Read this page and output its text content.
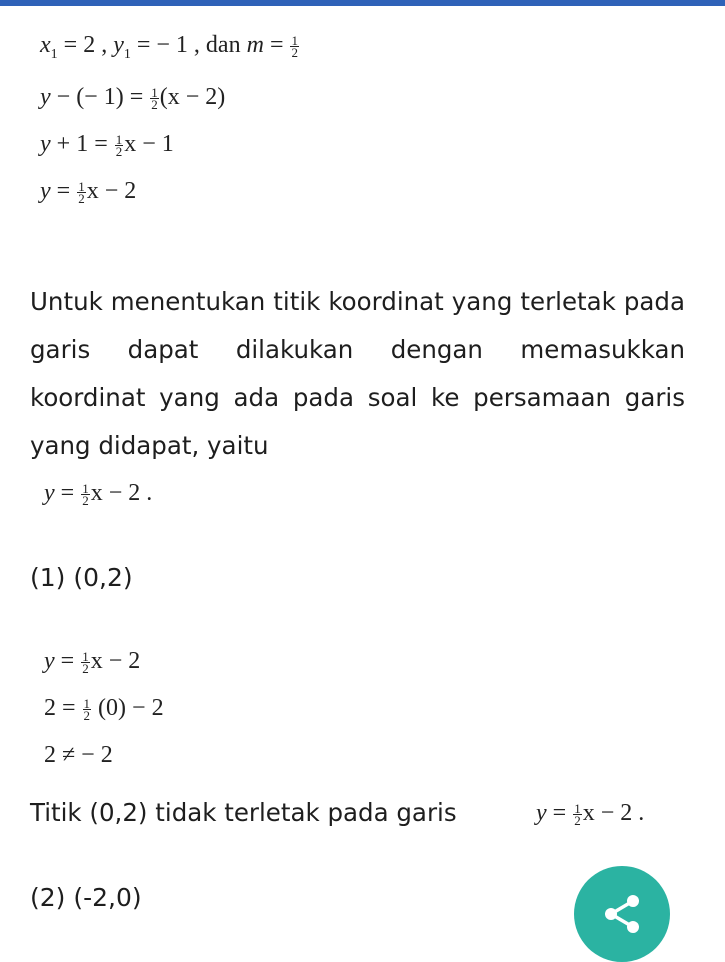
$x_1 = 2$ , $y_1$ = − 1 , dan $m = \frac{1}{2}$
y − (− $1) = \frac{1}{2} (x - 2)$
$y + 1 = \frac{1}{2}$ x − 1
$y = \frac{1}{2}$ x − 2
Untuk menentukan titik koordinat yang terletak pada garis dapat dilakukan dengan memasukkan koordinat yang ada pada soal ke persamaan garis yang didapat, yaitu
$y = \frac{1}{2}$ x − 2 .
(1) (0,2)
$y = \frac{1}{2}$ x − 2
$2 = \frac{1}{2} (0) - 2$
2 ≠ − 2
Titik (0,2) tidak terletak pada garis	$y = \frac{1}{2}$ x − 2 .
(2) (-2,0)
